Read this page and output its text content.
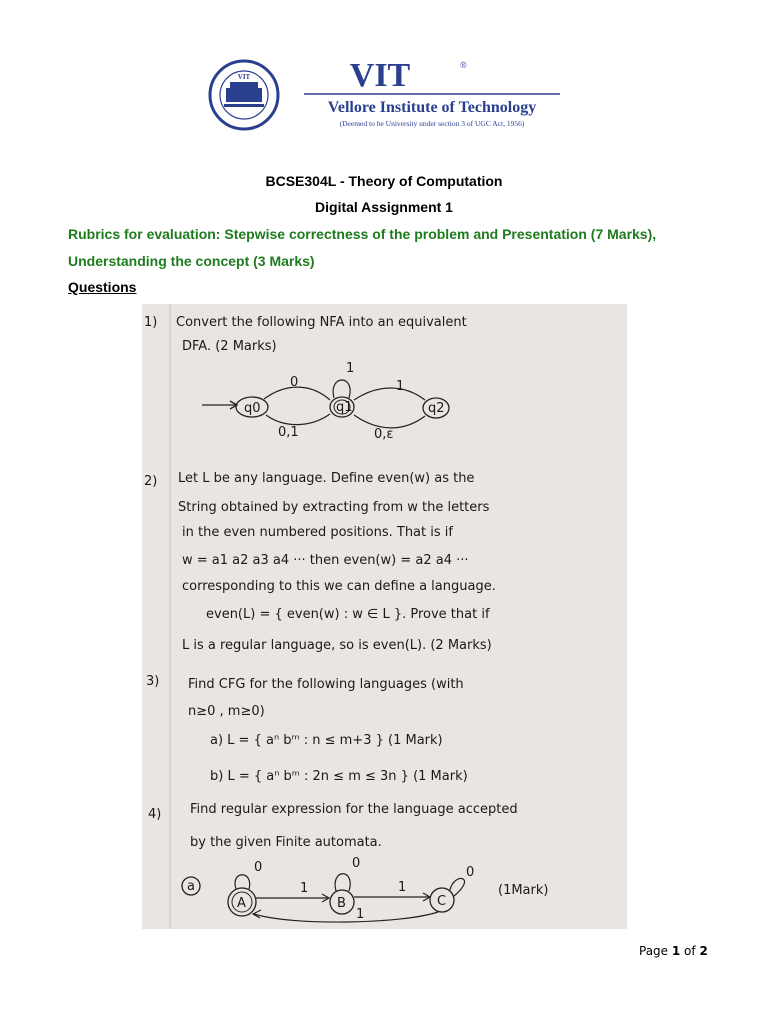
VIT	VIT	®
Vellore Institute of Technology
(Deemed to be University under section 3 of UGC Act, 1956)
BCSE304L - Theory of Computation
Digital Assignment 1
Rubrics for evaluation: Stepwise correctness of the problem and Presentation (7 Marks),
Understanding the concept (3 Marks)
Questions
1) Convert the following NFA into an equivalent
DFA. (2 Marks)
q0	q1	q2
1
0
0,1
1
0,ε
2) Let L be any language. Define even(w) as the
String obtained by extracting from w the letters
in the even numbered positions. That is if
w = a1 a2 a3 a4 ··· then even(w) = a2 a4 ···
corresponding to this we can define a language.
even(L) = { even(w) : w ∈ L }. Prove that if
L is a regular language, so is even(L). (2 Marks)
3) Find CFG for the following languages (with
n≥0 , m≥0)
a) L = { aⁿ bᵐ : n ≤ m+3 } (1 Mark)
b) L = { aⁿ bᵐ : 2n ≤ m ≤ 3n } (1 Mark)
4) Find regular expression for the language accepted
by the given Finite automata.
a
A	B	C
0	0
0
1	1
1
(1Mark)
Page 1 of 2
